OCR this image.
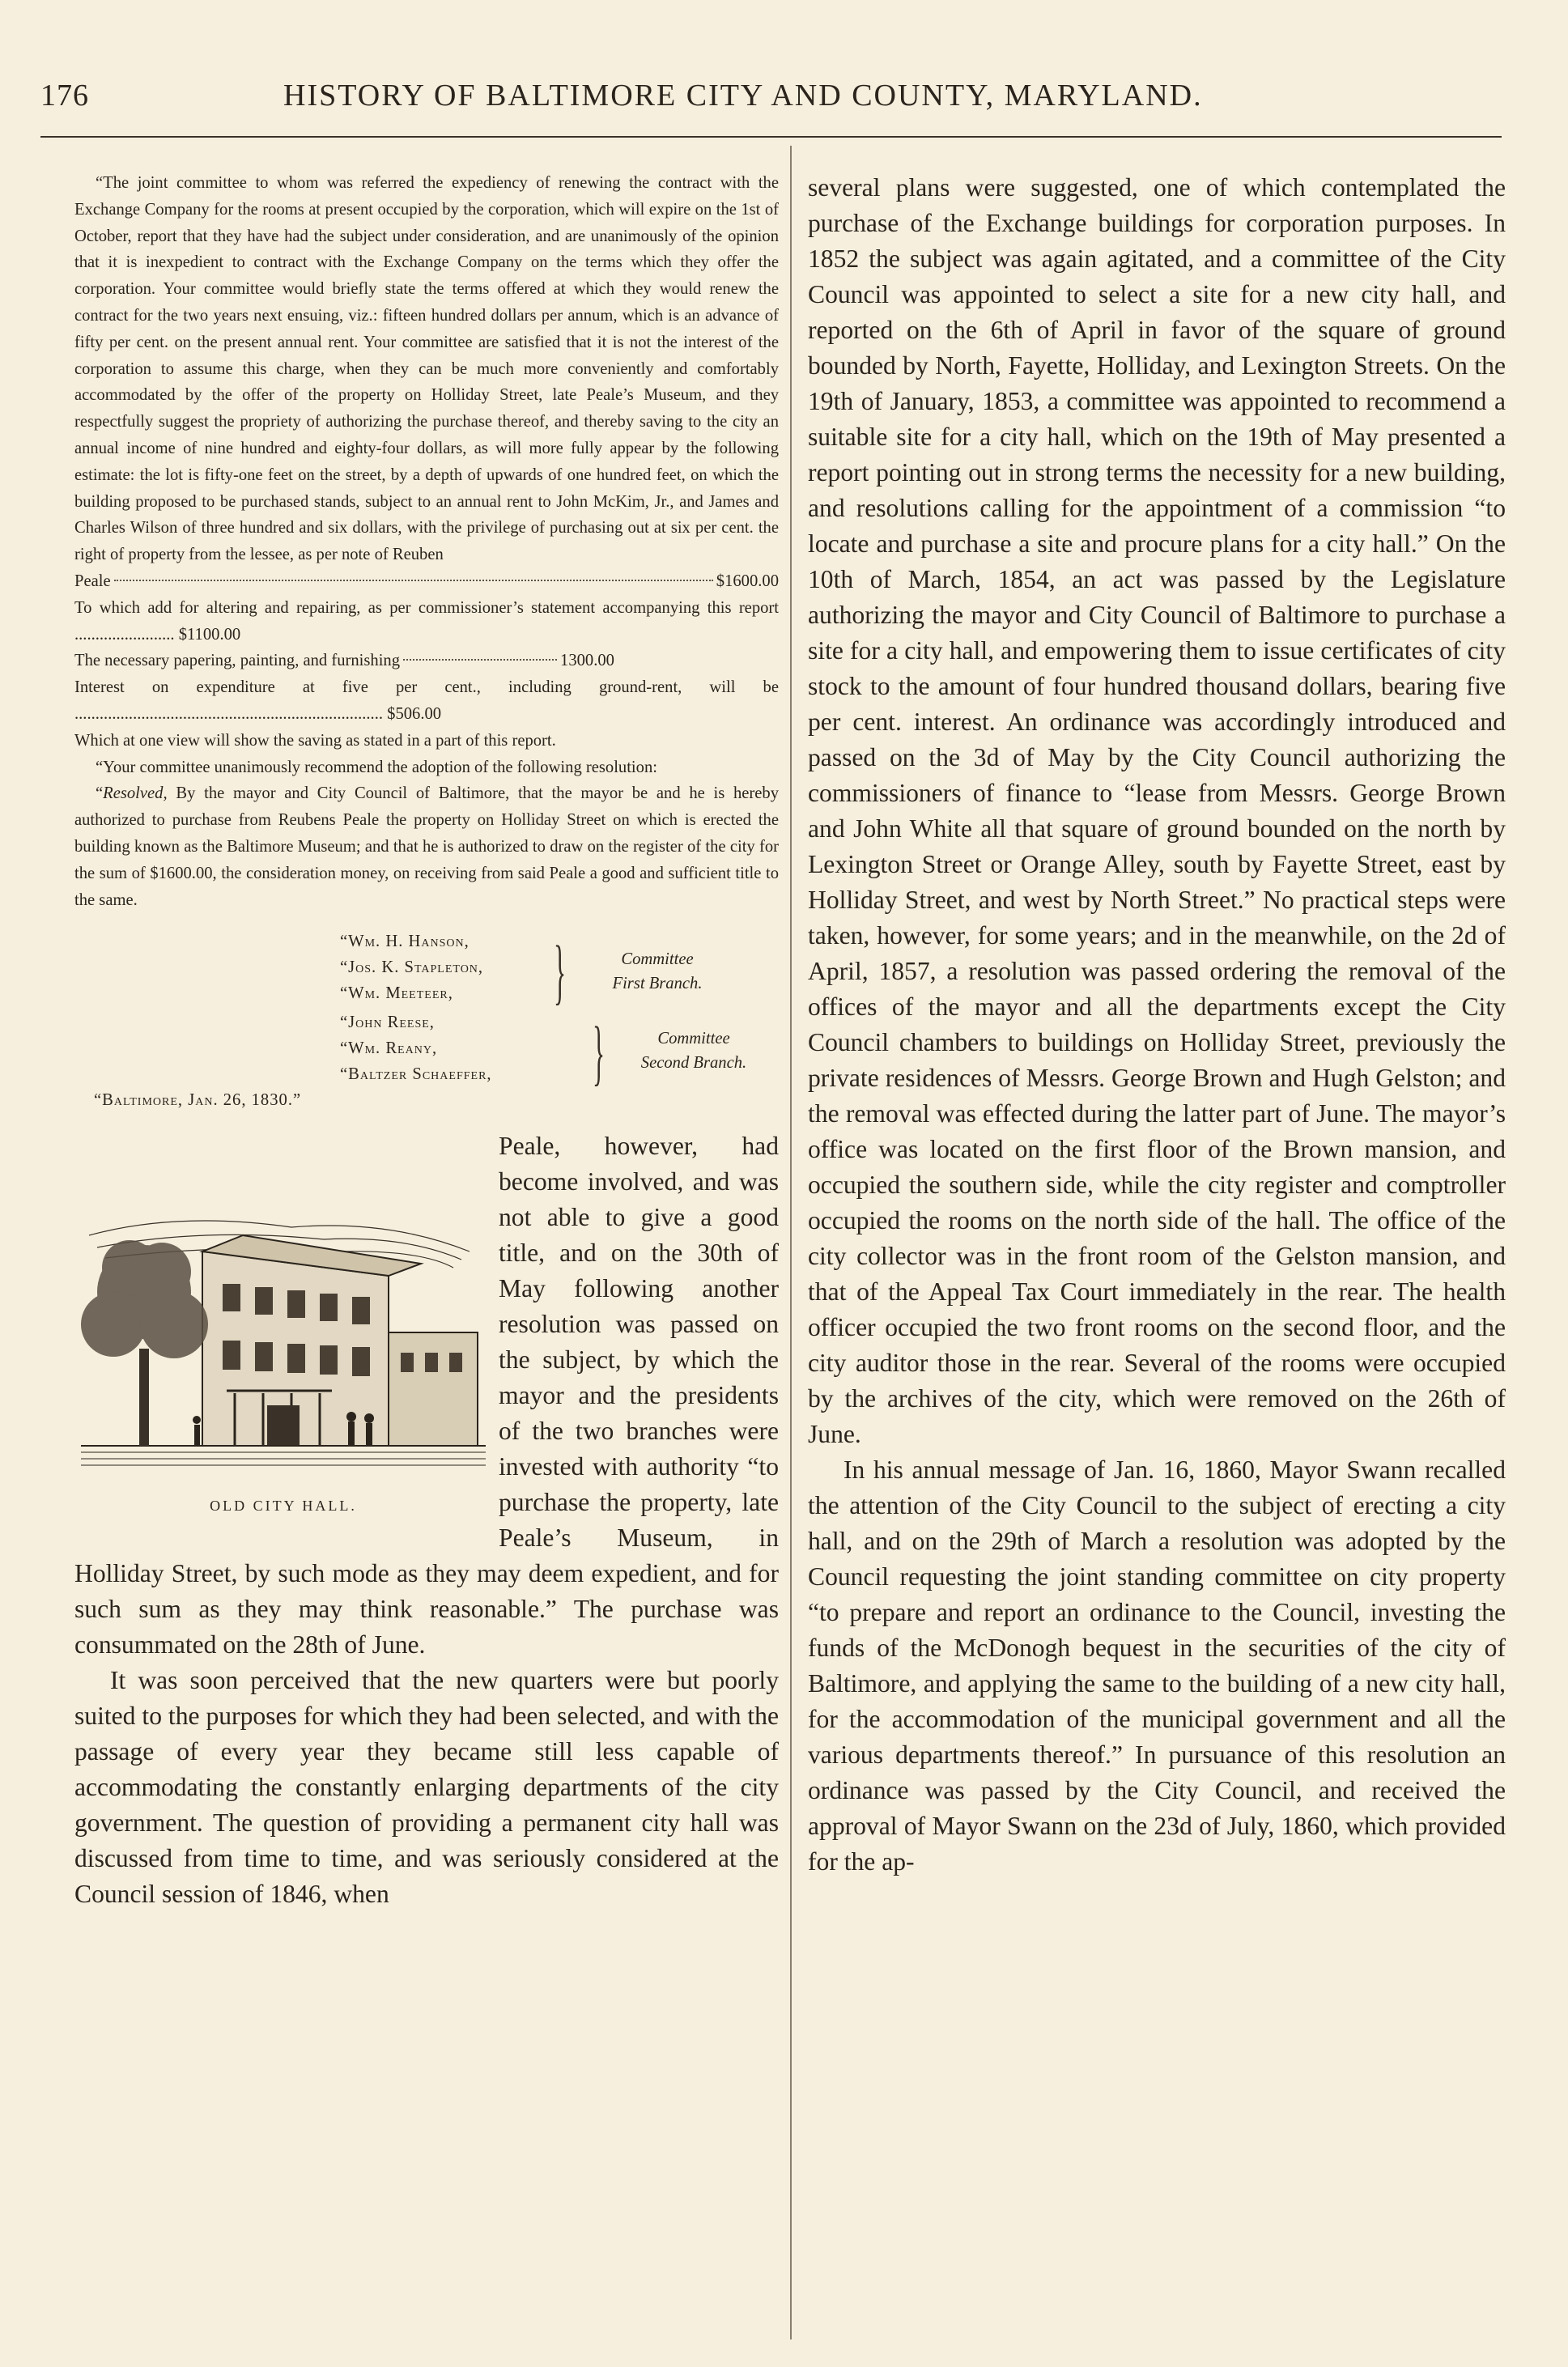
176	HISTORY OF BALTIMORE CITY AND COUNTY, MARYLAND.

“The joint committee to whom was referred the expediency of renewing the contract with the Exchange Company for the rooms at present occupied by the corporation, which will expire on the 1st of October, report that they have had the subject under consideration, and are unanimously of the opinion that it is inexpedient to contract with the Exchange Company on the terms which they offer the corporation. Your committee would briefly state the terms offered at which they would renew the contract for the two years next ensuing, viz.: fifteen hundred dollars per annum, which is an advance of fifty per cent. on the present annual rent. Your committee are satisfied that it is not the interest of the corporation to assume this charge, when they can be much more conveniently and comfortably accommodated by the offer of the property on Holliday Street, late Peale’s Museum, and they respectfully suggest the propriety of authorizing the purchase thereof, and thereby saving to the city an annual income of nine hundred and eighty-four dollars, as will more fully appear by the following estimate: the lot is fifty-one feet on the street, by a depth of upwards of one hundred feet, on which the building proposed to be purchased stands, subject to an annual rent to John McKim, Jr., and James and Charles Wilson of three hundred and six dollars, with the privilege of purchasing out at six per cent. the right of property from the lessee, as per note of Reuben

Peale	$1600.00

To which add for altering and repairing, as per commissioner’s statement accompanying this report ........................ $1100.00

The necessary papering, painting, and furnishing	1300.00

Interest on expenditure at five per cent., including ground-rent, will be .......................................................................... $506.00

Which at one view will show the saving as stated in a part of this report.

“Your committee unanimously recommend the adoption of the following resolution:

“Resolved, By the mayor and City Council of Baltimore, that the mayor be and he is hereby authorized to purchase from Reubens Peale the property on Holliday Street on which is erected the building known as the Baltimore Museum; and that he is authorized to draw on the register of the city for the sum of $1600.00, the consideration money, on receiving from said Peale a good and sufficient title to the same.

“Wm. H. Hanson,
“Jos. K. Stapleton,
“Wm. Meeteer, }	Committee
First Branch.
“John Reese,
“Wm. Reany,
“Baltzer Schaeffer, }	Committee
Second Branch.
“Baltimore, Jan. 26, 1830.”
OLD CITY HALL.

Peale, however, had become involved, and was not able to give a good title, and on the 30th of May following another resolution was passed on the subject, by which the mayor and the presidents of the two branches were invested with authority “to purchase the property, late Peale’s Museum, in Holliday Street, by such mode as they may deem expedient, and for such sum as they may think reasonable.” The purchase was consummated on the 28th of June.

It was soon perceived that the new quarters were but poorly suited to the purposes for which they had been selected, and with the passage of every year they became still less capable of accommodating the constantly enlarging departments of the city government. The question of providing a permanent city hall was discussed from time to time, and was seriously considered at the Council session of 1846, when

several plans were suggested, one of which contemplated the purchase of the Exchange buildings for corporation purposes. In 1852 the subject was again agitated, and a committee of the City Council was appointed to select a site for a new city hall, and reported on the 6th of April in favor of the square of ground bounded by North, Fayette, Holliday, and Lexington Streets. On the 19th of January, 1853, a committee was appointed to recommend a suitable site for a city hall, which on the 19th of May presented a report pointing out in strong terms the necessity for a new building, and resolutions calling for the appointment of a commission “to locate and purchase a site and procure plans for a city hall.” On the 10th of March, 1854, an act was passed by the Legislature authorizing the mayor and City Council of Baltimore to purchase a site for a city hall, and empowering them to issue certificates of city stock to the amount of four hundred thousand dollars, bearing five per cent. interest. An ordinance was accordingly introduced and passed on the 3d of May by the City Council authorizing the commissioners of finance to “lease from Messrs. George Brown and John White all that square of ground bounded on the north by Lexington Street or Orange Alley, south by Fayette Street, east by Holliday Street, and west by North Street.” No practical steps were taken, however, for some years; and in the meanwhile, on the 2d of April, 1857, a resolution was passed ordering the removal of the offices of the mayor and all the departments except the City Council chambers to buildings on Holliday Street, previously the private residences of Messrs. George Brown and Hugh Gelston; and the removal was effected during the latter part of June. The mayor’s office was located on the first floor of the Brown mansion, and occupied the southern side, while the city register and comptroller occupied the rooms on the north side of the hall. The office of the city collector was in the front room of the Gelston mansion, and that of the Appeal Tax Court immediately in the rear. The health officer occupied the two front rooms on the second floor, and the city auditor those in the rear. Several of the rooms were occupied by the archives of the city, which were removed on the 26th of June.

In his annual message of Jan. 16, 1860, Mayor Swann recalled the attention of the City Council to the subject of erecting a city hall, and on the 29th of March a resolution was adopted by the Council requesting the joint standing committee on city property “to prepare and report an ordinance to the Council, investing the funds of the McDonogh bequest in the securities of the city of Baltimore, and applying the same to the building of a new city hall, for the accommodation of the municipal government and all the various departments thereof.” In pursuance of this resolution an ordinance was passed by the City Council, and received the approval of Mayor Swann on the 23d of July, 1860, which provided for the ap-
